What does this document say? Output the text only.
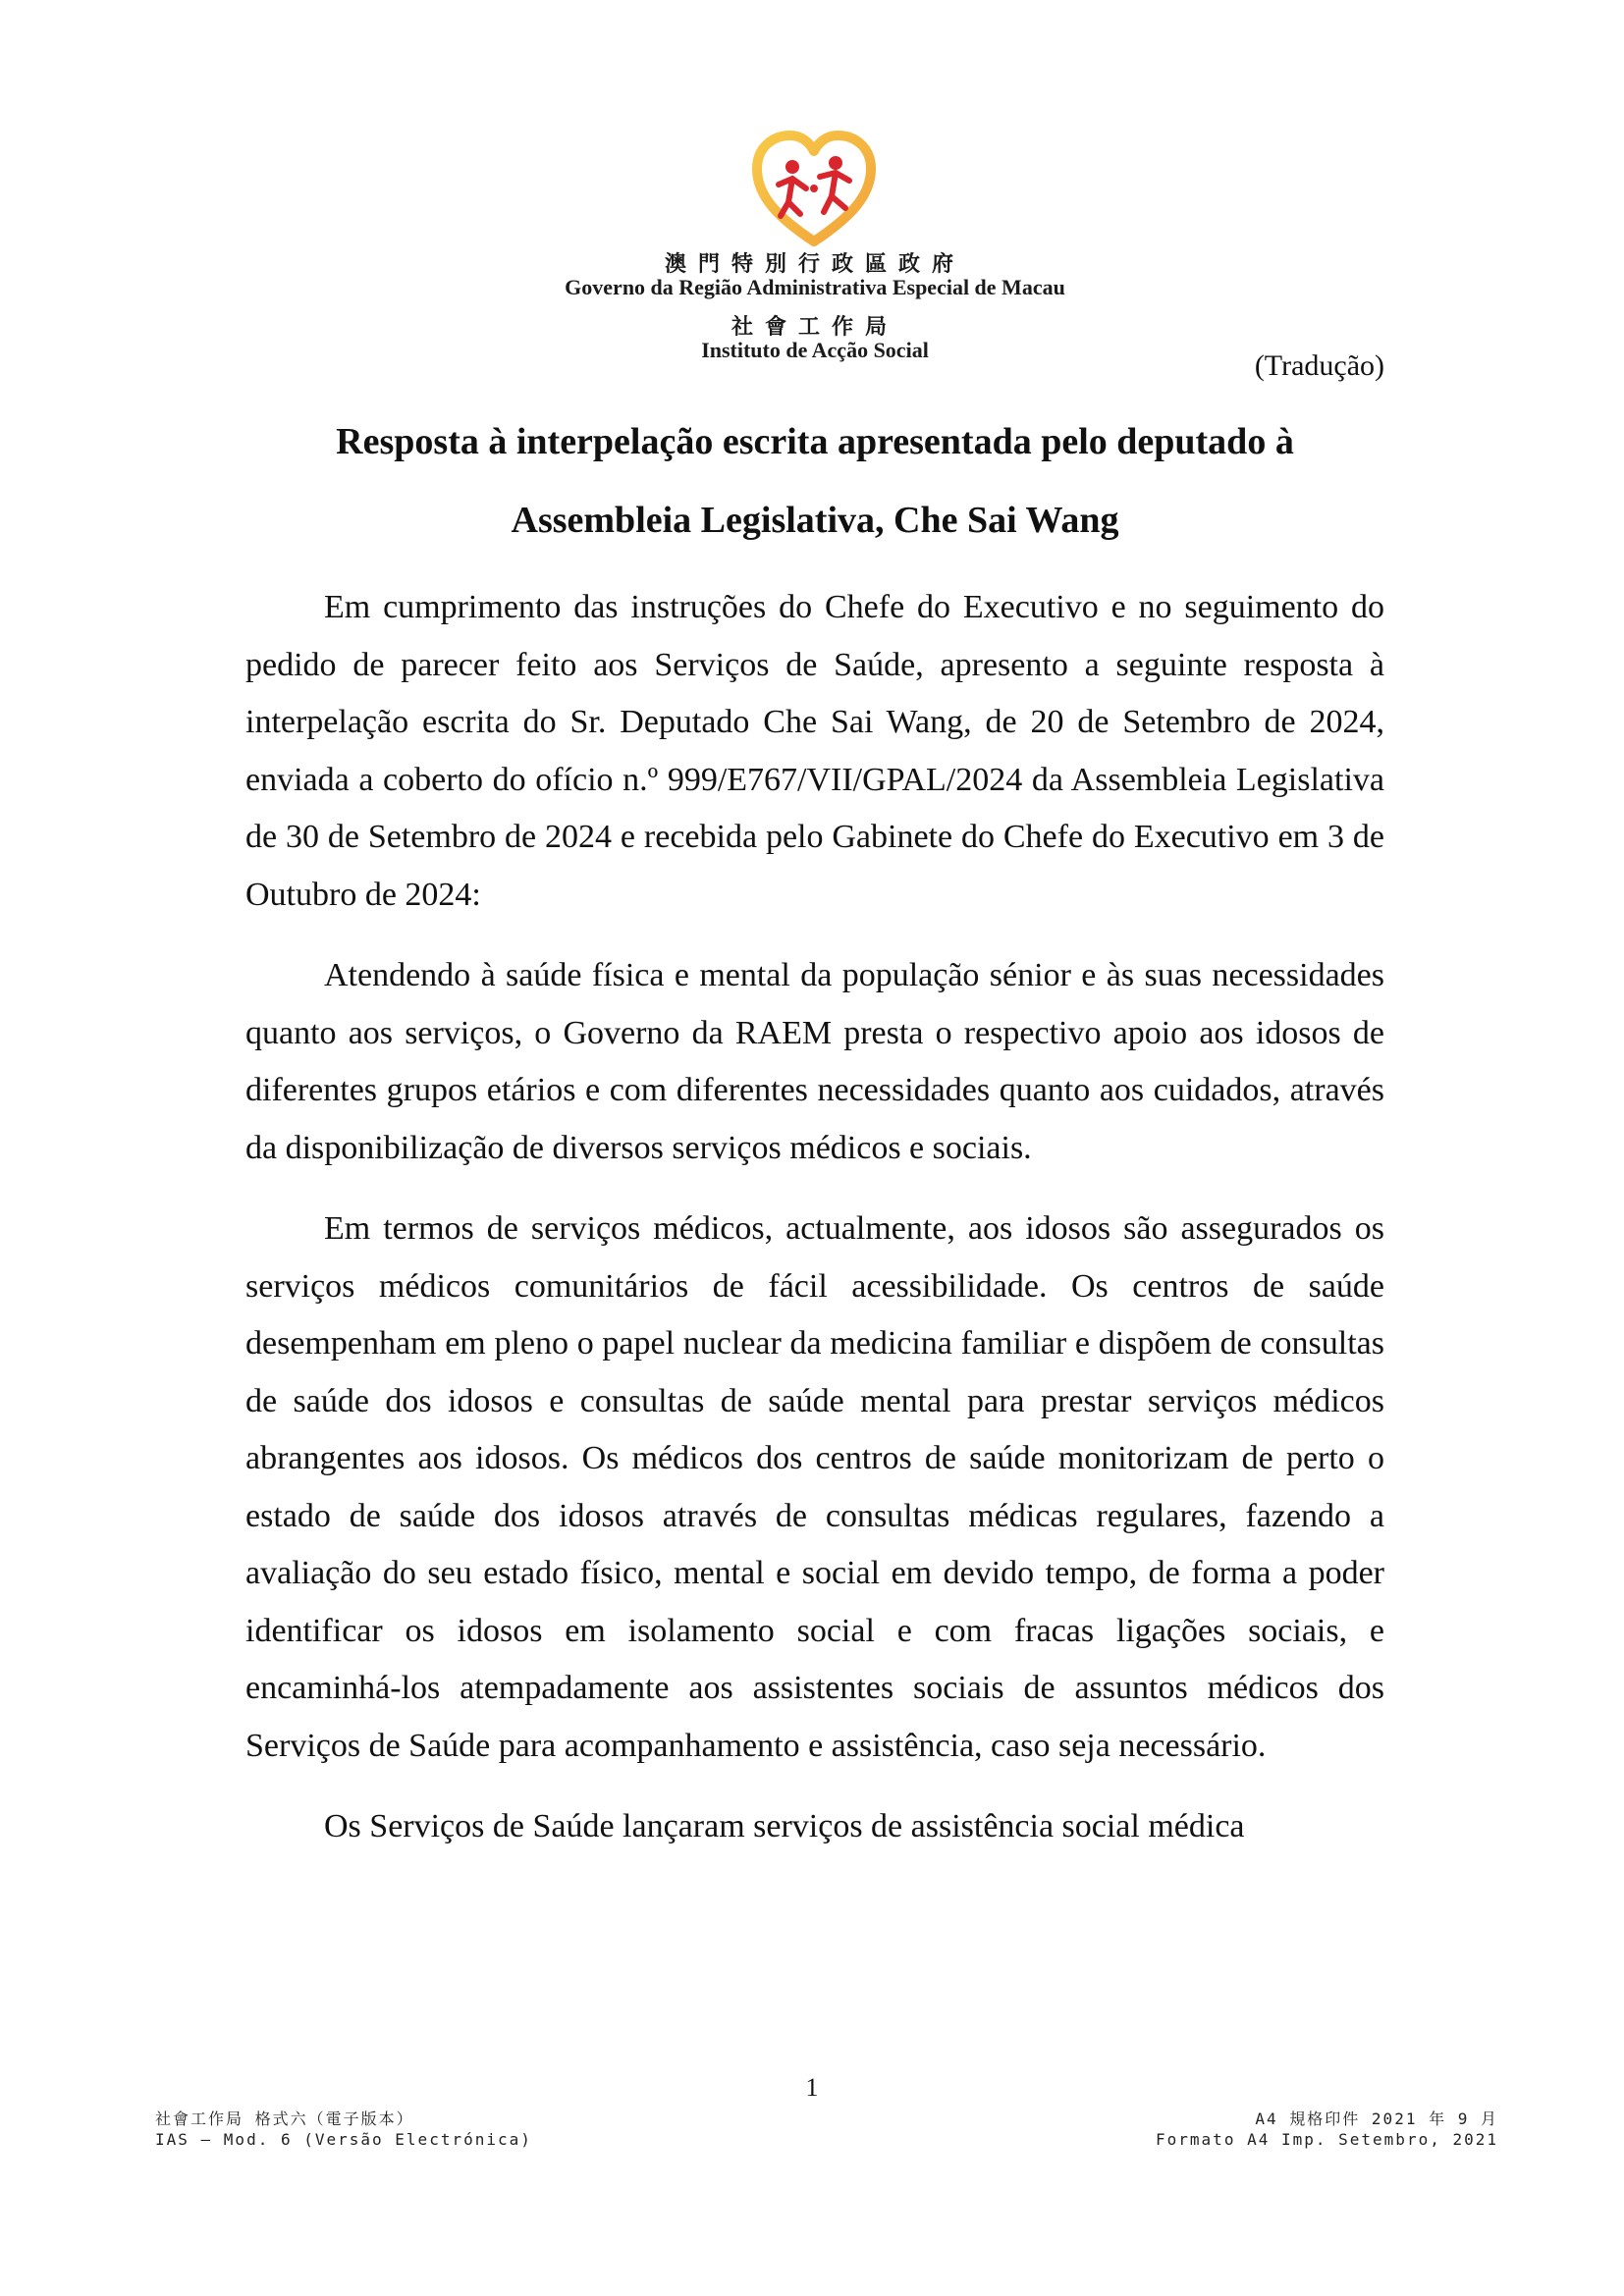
澳門特別行政區政府
Governo da Região Administrativa Especial de Macau
社會工作局
Instituto de Acção Social	(Tradução)
Resposta à interpelação escrita apresentada pelo deputado à
Assembleia Legislativa, Che Sai Wang

Em cumprimento das instruções do Chefe do Executivo e no seguimento do pedido de parecer feito aos Serviços de Saúde, apresento a seguinte resposta à interpelação escrita do Sr. Deputado Che Sai Wang, de 20 de Setembro de 2024, enviada a coberto do ofício n.º 999/E767/VII/GPAL/2024 da Assembleia Legislativa de 30 de Setembro de 2024 e recebida pelo Gabinete do Chefe do Executivo em 3 de Outubro de 2024:

Atendendo à saúde física e mental da população sénior e às suas necessidades quanto aos serviços, o Governo da RAEM presta o respectivo apoio aos idosos de diferentes grupos etários e com diferentes necessidades quanto aos cuidados, através da disponibilização de diversos serviços médicos e sociais.

Em termos de serviços médicos, actualmente, aos idosos são assegurados os serviços médicos comunitários de fácil acessibilidade. Os centros de saúde desempenham em pleno o papel nuclear da medicina familiar e dispõem de consultas de saúde dos idosos e consultas de saúde mental para prestar serviços médicos abrangentes aos idosos. Os médicos dos centros de saúde monitorizam de perto o estado de saúde dos idosos através de consultas médicas regulares, fazendo a avaliação do seu estado físico, mental e social em devido tempo, de forma a poder identificar os idosos em isolamento social e com fracas ligações sociais, e encaminhá-los atempadamente aos assistentes sociais de assuntos médicos dos Serviços de Saúde para acompanhamento e assistência, caso seja necessário.

Os Serviços de Saúde lançaram serviços de assistência social médica

1
社會工作局 格式六（電子版本）
IAS – Mod. 6 (Versão Electrónica)
A4 規格印件 2021 年 9 月
Formato A4 Imp. Setembro, 2021
